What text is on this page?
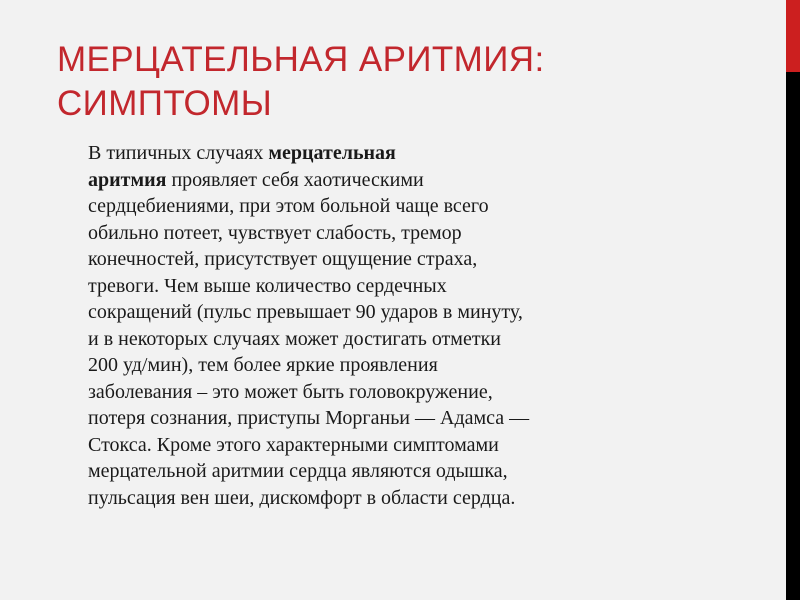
МЕРЦАТЕЛЬНАЯ АРИТМИЯ:
СИМПТОМЫ

В типичных случаях мерцательная
аритмия проявляет себя хаотическими
сердцебиениями, при этом больной чаще всего
обильно потеет, чувствует слабость, тремор
конечностей, присутствует ощущение страха,
тревоги. Чем выше количество сердечных
сокращений (пульс превышает 90 ударов в минуту,
и в некоторых случаях может достигать отметки
200 уд/мин), тем более яркие проявления
заболевания – это может быть головокружение,
потеря сознания, приступы Морганьи — Адамса —
Стокса. Кроме этого характерными симптомами
мерцательной аритмии сердца являются одышка,
пульсация вен шеи, дискомфорт в области сердца.
